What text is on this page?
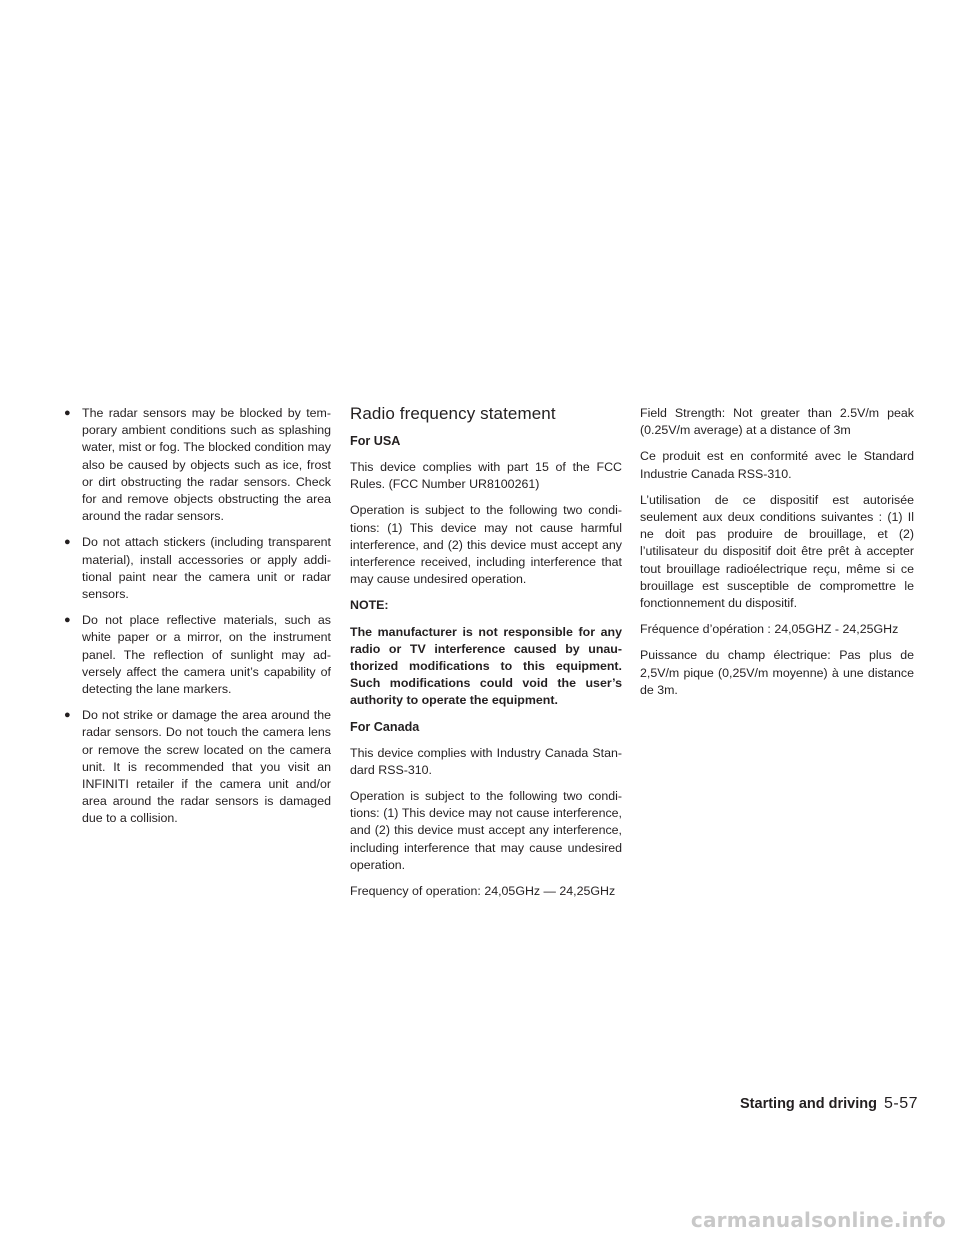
● The radar sensors may be blocked by tem-porary ambient conditions such as splashing water, mist or fog. The blocked condition may also be caused by objects such as ice, frost or dirt obstructing the radar sensors. Check for and remove objects obstructing the area around the radar sensors.
● Do not attach stickers (including transparent material), install accessories or apply addi-tional paint near the camera unit or radar sensors.
● Do not place reflective materials, such as white paper or a mirror, on the instrument panel. The reflection of sunlight may ad-versely affect the camera unit’s capability of detecting the lane markers.
● Do not strike or damage the area around the radar sensors. Do not touch the camera lens or remove the screw located on the camera unit. It is recommended that you visit an INFINITI retailer if the camera unit and/or area around the radar sensors is damaged due to a collision.
Radio frequency statement
For USA

This device complies with part 15 of the FCC Rules. (FCC Number UR8100261)

Operation is subject to the following two condi-tions: (1) This device may not cause harmful interference, and (2) this device must accept any interference received, including interference that may cause undesired operation.

NOTE:

The manufacturer is not responsible for any radio or TV interference caused by unau-thorized modifications to this equipment. Such modifications could void the user’s authority to operate the equipment.

For Canada

This device complies with Industry Canada Stan-dard RSS-310.

Operation is subject to the following two condi-tions: (1) This device may not cause interference, and (2) this device must accept any interference, including interference that may cause undesired operation.

Frequency of operation: 24,05GHz — 24,25GHz

Field Strength: Not greater than 2.5V/m peak (0.25V/m average) at a distance of 3m

Ce produit est en conformité avec le Standard Industrie Canada RSS-310.

L’utilisation de ce dispositif est autorisée seulement aux deux conditions suivantes : (1) Il ne doit pas produire de brouillage, et (2) l’utilisateur du dispositif doit être prêt à accepter tout brouillage radioélectrique reçu, même si ce brouillage est susceptible de compromettre le fonctionnement du dispositif.

Fréquence d’opération : 24,05GHZ - 24,25GHz

Puissance du champ électrique: Pas plus de 2,5V/m pique (0,25V/m moyenne) à une distance de 3m.

Starting and driving 5-57
carmanualsonline.info
